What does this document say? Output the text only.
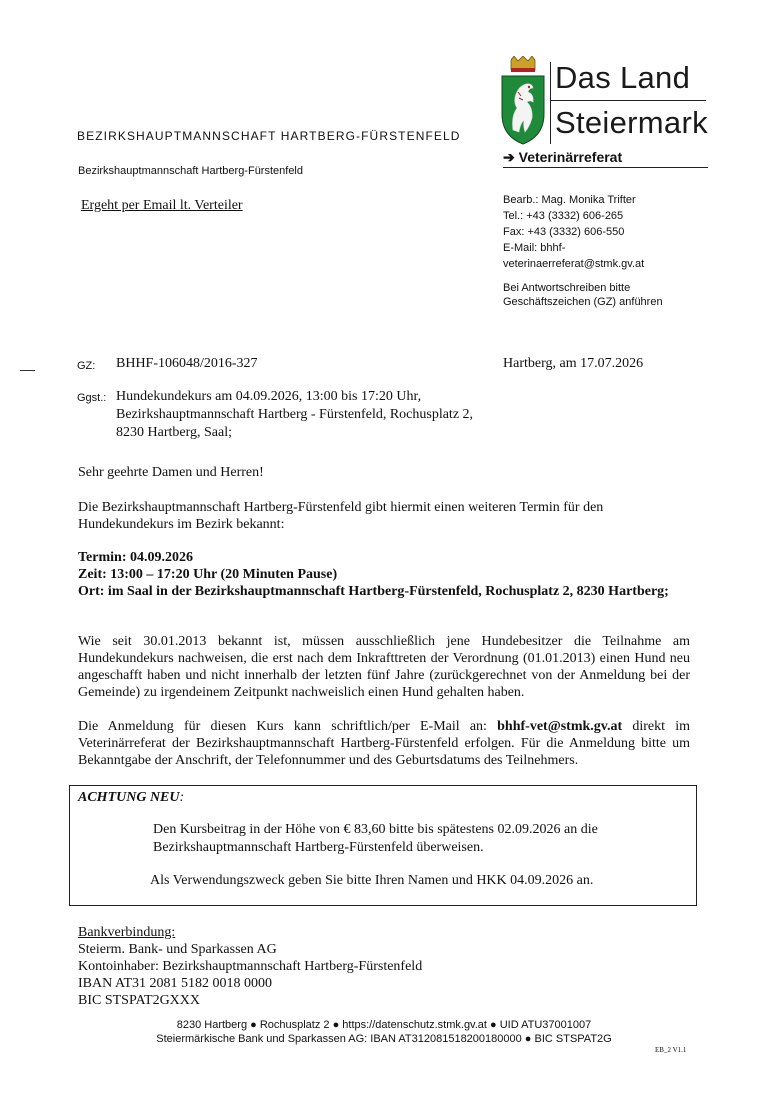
Das Land
Steiermark
BEZIRKSHAUPTMANNSCHAFT HARTBERG-FÜRSTENFELD
➔ Veterinärreferat
Bezirkshauptmannschaft Hartberg-Fürstenfeld
Ergeht per Email lt. Verteiler	Bearb.: Mag. Monika Trifter
Tel.: +43 (3332) 606-265
Fax: +43 (3332) 606-550
E-Mail: bhhf-
veterinaerreferat@stmk.gv.at
Bei Antwortschreiben bitte
Geschäftszeichen (GZ) anführen
GZ: BHHF-106048/2016-327	Hartberg, am 17.07.2026
Ggst.: Hundekundekurs am 04.09.2026, 13:00 bis 17:20 Uhr,
Bezirkshauptmannschaft Hartberg - Fürstenfeld, Rochusplatz 2,
8230 Hartberg, Saal;
Sehr geehrte Damen und Herren!
Die Bezirkshauptmannschaft Hartberg-Fürstenfeld gibt hiermit einen weiteren Termin für den Hundekundekurs im Bezirk bekannt:
Termin: 04.09.2026
Zeit: 13:00 – 17:20 Uhr (20 Minuten Pause)
Ort: im Saal in der Bezirkshauptmannschaft Hartberg-Fürstenfeld, Rochusplatz 2, 8230 Hartberg;
Wie seit 30.01.2013 bekannt ist, müssen ausschließlich jene Hundebesitzer die Teilnahme am Hundekundekurs nachweisen, die erst nach dem Inkrafttreten der Verordnung (01.01.2013) einen Hund neu angeschafft haben und nicht innerhalb der letzten fünf Jahre (zurückgerechnet von der Anmeldung bei der Gemeinde) zu irgendeinem Zeitpunkt nachweislich einen Hund gehalten haben.
Die Anmeldung für diesen Kurs kann schriftlich/per E-Mail an: bhhf-vet@stmk.gv.at direkt im Veterinärreferat der Bezirkshauptmannschaft Hartberg-Fürstenfeld erfolgen. Für die Anmeldung bitte um Bekanntgabe der Anschrift, der Telefonnummer und des Geburtsdatums des Teilnehmers.
ACHTUNG NEU:
Den Kursbeitrag in der Höhe von € 83,60 bitte bis spätestens 02.09.2026 an die Bezirkshauptmannschaft Hartberg-Fürstenfeld überweisen.
Als Verwendungszweck geben Sie bitte Ihren Namen und HKK 04.09.2026 an.
Bankverbindung:
Steierm. Bank- und Sparkassen AG
Kontoinhaber: Bezirkshauptmannschaft Hartberg-Fürstenfeld
IBAN AT31 2081 5182 0018 0000
BIC STSPAT2GXXX
8230 Hartberg ● Rochusplatz 2 ● https://datenschutz.stmk.gv.at ● UID ATU37001007
Steiermärkische Bank und Sparkassen AG: IBAN AT312081518200180000 ● BIC STSPAT2G
EB_2 V1.1
